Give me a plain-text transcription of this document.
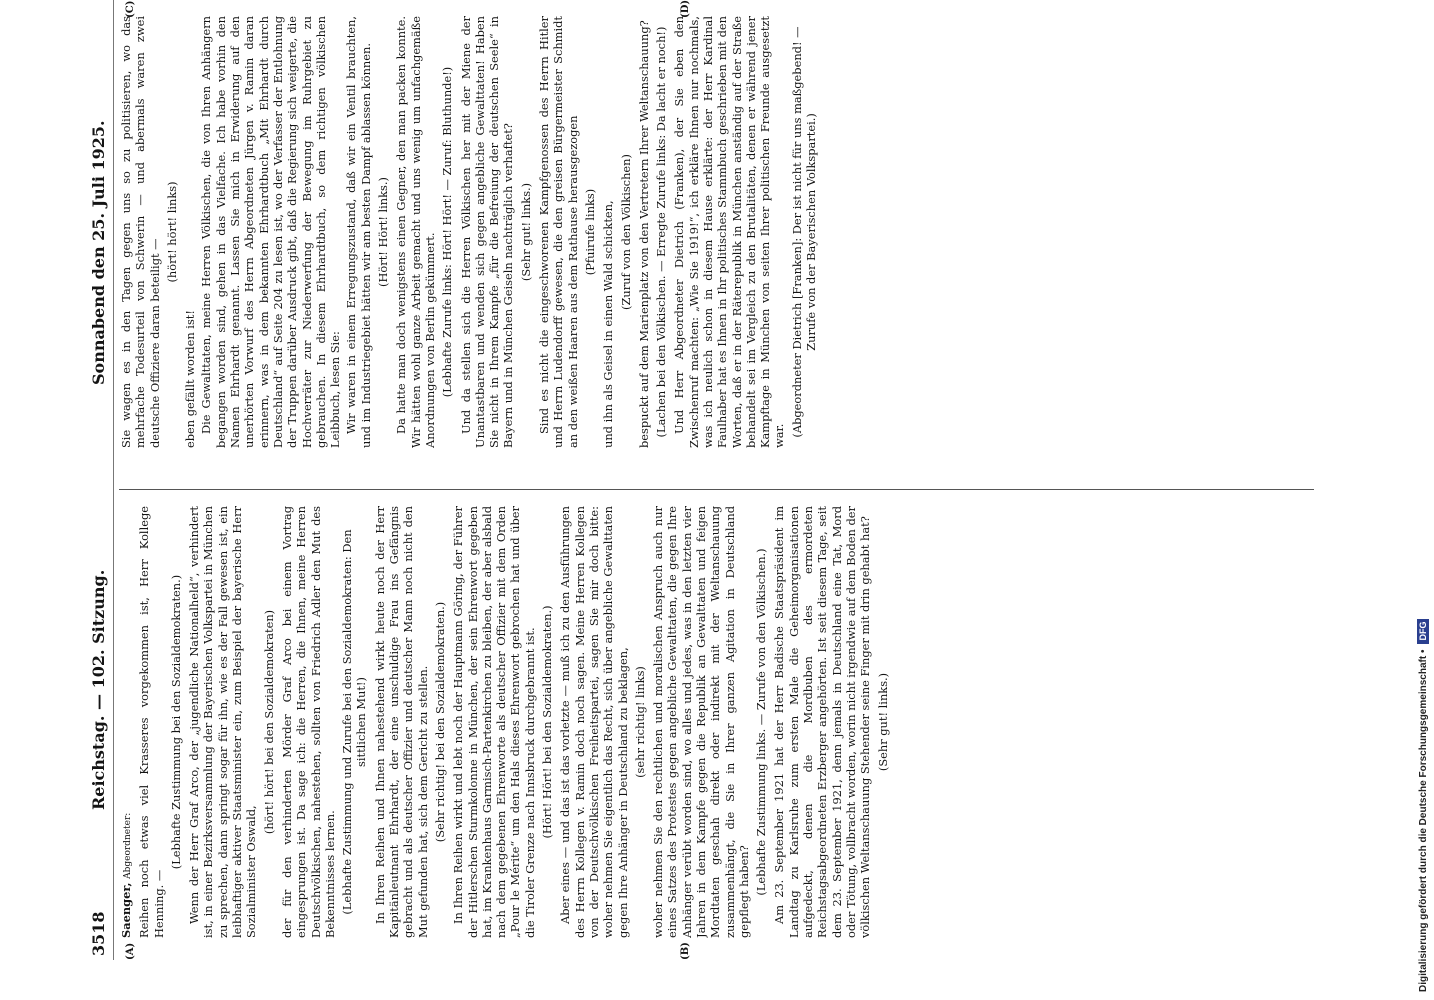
3518
Reichstag. — 102. Sitzung.
Sonnabend den 25. Juli 1925.
(A)	(B)
(C)	(D)

Saenger, Abgeordneter: Reihen noch etwas viel Krasseres vorgekommen ist, Herr Kollege Henning. —

(Lebhafte Zustimmung bei den Sozialdemokraten.) Wenn der Herr Graf Arco, der „jugendliche Nationalheld“, verhindert ist, in einer Bezirksversammlung der Bayerischen Volkspartei in München zu sprechen, dann springt sogar für ihn, wie es der Fall gewesen ist, ein leibhaftiger aktiver Staatsminister ein, zum Beispiel der bayerische Herr Sozialminister Oswald,

(hört! hört! bei den Sozialdemokraten) der für den verhinderten Mörder Graf Arco bei einem Vortrag eingesprungen ist. Da sage ich: die Herren, die Ihnen, meine Herren Deutschvölkischen, nahestehen, sollten von Friedrich Adler den Mut des Bekenntnisses lernen. (Lebhafte Zustimmung und Zurufe bei den Sozialdemokraten: Den sittlichen Mut!) In Ihren Reihen und Ihnen nahestehend wirkt heute noch der Herr Kapitänleutnant Ehrhardt, der eine unschuldige Frau ins Gefängnis gebracht und als deutscher Offizier und deutscher Mann noch nicht den Mut gefunden hat, sich dem Gericht zu stellen. (Sehr richtig! bei den Sozialdemokraten.) In Ihren Reihen wirkt und lebt noch der Hauptmann Göring, der Führer der Hitlerschen Sturmkolonne in München, der sein Ehrenwort gegeben hat, im Krankenhaus Garmisch-Partenkirchen zu bleiben, der aber alsbald nach dem gegebenen Ehrenworte als deutscher Offizier mit dem Orden „Pour le Mérite“ um den Hals dieses Ehrenwort gebrochen hat und über die Tiroler Grenze nach Innsbruck durchgebrannt ist. (Hört! Hört! bei den Sozialdemokraten.) Aber eines — und das ist das vorletzte — muß ich zu den Ausführungen des Herrn Kollegen v. Ramin doch noch sagen. Meine Herren Kollegen von der Deutschvölkischen Freiheitspartei, sagen Sie mir doch bitte: woher nehmen Sie eigentlich das Recht, sich über angebliche Gewalttaten gegen Ihre Anhänger in Deutschland zu beklagen, (sehr richtig! links) woher nehmen Sie den rechtlichen und moralischen Anspruch auch nur eines Satzes des Protestes gegen angebliche Gewalttaten, die gegen Ihre Anhänger verübt worden sind, wo alles und jedes, was in den letzten vier Jahren in dem Kampfe gegen die Republik an Gewalttaten und feigen Mordtaten geschah direkt oder indirekt mit der Weltanschauung zusammenhängt, die Sie in Ihrer ganzen Agitation in Deutschland gepflegt haben? (Lebhafte Zustimmung links. — Zurufe von den Völkischen.) Am 23. September 1921 hat der Herr Badische Staatspräsident im Landtag zu Karlsruhe zum ersten Male die Geheimorganisationen aufgedeckt, denen die Mordbuben des ermordeten Reichstagsabgeordneten Erzberger angehörten. Ist seit diesem Tage, seit dem 23. September 1921, denn jemals in Deutschland eine Tat, Mord oder Tötung, vollbracht worden, worin nicht irgendwie auf dem Boden der völkischen Weltanschauung Stehender seine Finger mit drin gehabt hat? (Sehr gut! links.)

Sie wagen es in den Tagen gegen uns so zu politisieren, wo das mehrfache Todesurteil von Schwerin — und abermals waren zwei deutsche Offiziere daran beteiligt —

(hört! hört! links)

eben gefällt worden ist! Die Gewalttaten, meine Herren Völkischen, die von Ihren Anhängern begangen worden sind, gehen in das Vielfache. Ich habe vorhin den Namen Ehrhardt genannt. Lassen Sie mich in Erwiderung auf den unerhörten Vorwurf des Herrn Abgeordneten Jürgen v. Ramin daran erinnern, was in dem bekannten Ehrhardtbuch „Mit Ehrhardt durch Deutschland“ auf Seite 204 zu lesen ist, wo der Verfasser der Entlohnung der Truppen darüber Ausdruck gibt, daß die Regierung sich weigerte, die Hochverräter zur Niederwerfung der Bewegung im Ruhrgebiet zu gebrauchen. In diesem Ehrhardtbuch, so dem richtigen völkischen Leibbuch, lesen Sie: Wir waren in einem Erregungszustand, daß wir ein Ventil brauchten, und im Industriegebiet hätten wir am besten Dampf ablassen können. (Hört! Hört! links.) Da hatte man doch wenigstens einen Gegner, den man packen konnte. Wir hätten wohl ganze Arbeit gemacht und uns wenig um unfachgemäße Anordnungen von Berlin gekümmert. (Lebhafte Zurufe links: Hört! Hört! — Zuruf: Bluthunde!) Und da stellen sich die Herren Völkischen her mit der Miene der Unantastbaren und wenden sich gegen angebliche Gewalttaten! Haben Sie nicht in Ihrem Kampfe „für die Befreiung der deutschen Seele“ in Bayern und in München Geiseln nachträglich verhaftet? (Sehr gut! links.) Sind es nicht die eingeschworenen Kampfgenossen des Herrn Hitler und Herrn Ludendorff gewesen, die den greisen Bürgermeister Schmidt an den weißen Haaren aus dem Rathause herausgezogen (Pfuirufe links) und ihn als Geisel in einen Wald schickten, (Zuruf von den Völkischen) bespuckt auf dem Marienplatz von den Vertretern Ihrer Weltanschauung? (Lachen bei den Völkischen. — Erregte Zurufe links: Da lacht er noch!) Und Herr Abgeordneter Dietrich (Franken), der Sie eben den Zwischenruf machten: „Wie Sie 1919!“, ich erkläre Ihnen nur nochmals, was ich neulich schon in diesem Hause erklärte: der Herr Kardinal Faulhaber hat es Ihnen in Ihr politisches Stammbuch geschrieben mit den Worten, daß er in der Räterepublik in München anständig auf der Straße behandelt sei im Vergleich zu den Brutalitäten, denen er während jener Kampftage in München von seiten Ihrer politischen Freunde ausgesetzt war. (Abgeordneter Dietrich [Franken]: Der ist nicht für uns maßgebend! — Zurufe von der Bayerischen Volkspartei.)

Digitalisierung gefördert durch die Deutsche Forschungsgemeinschaft •
DFG
